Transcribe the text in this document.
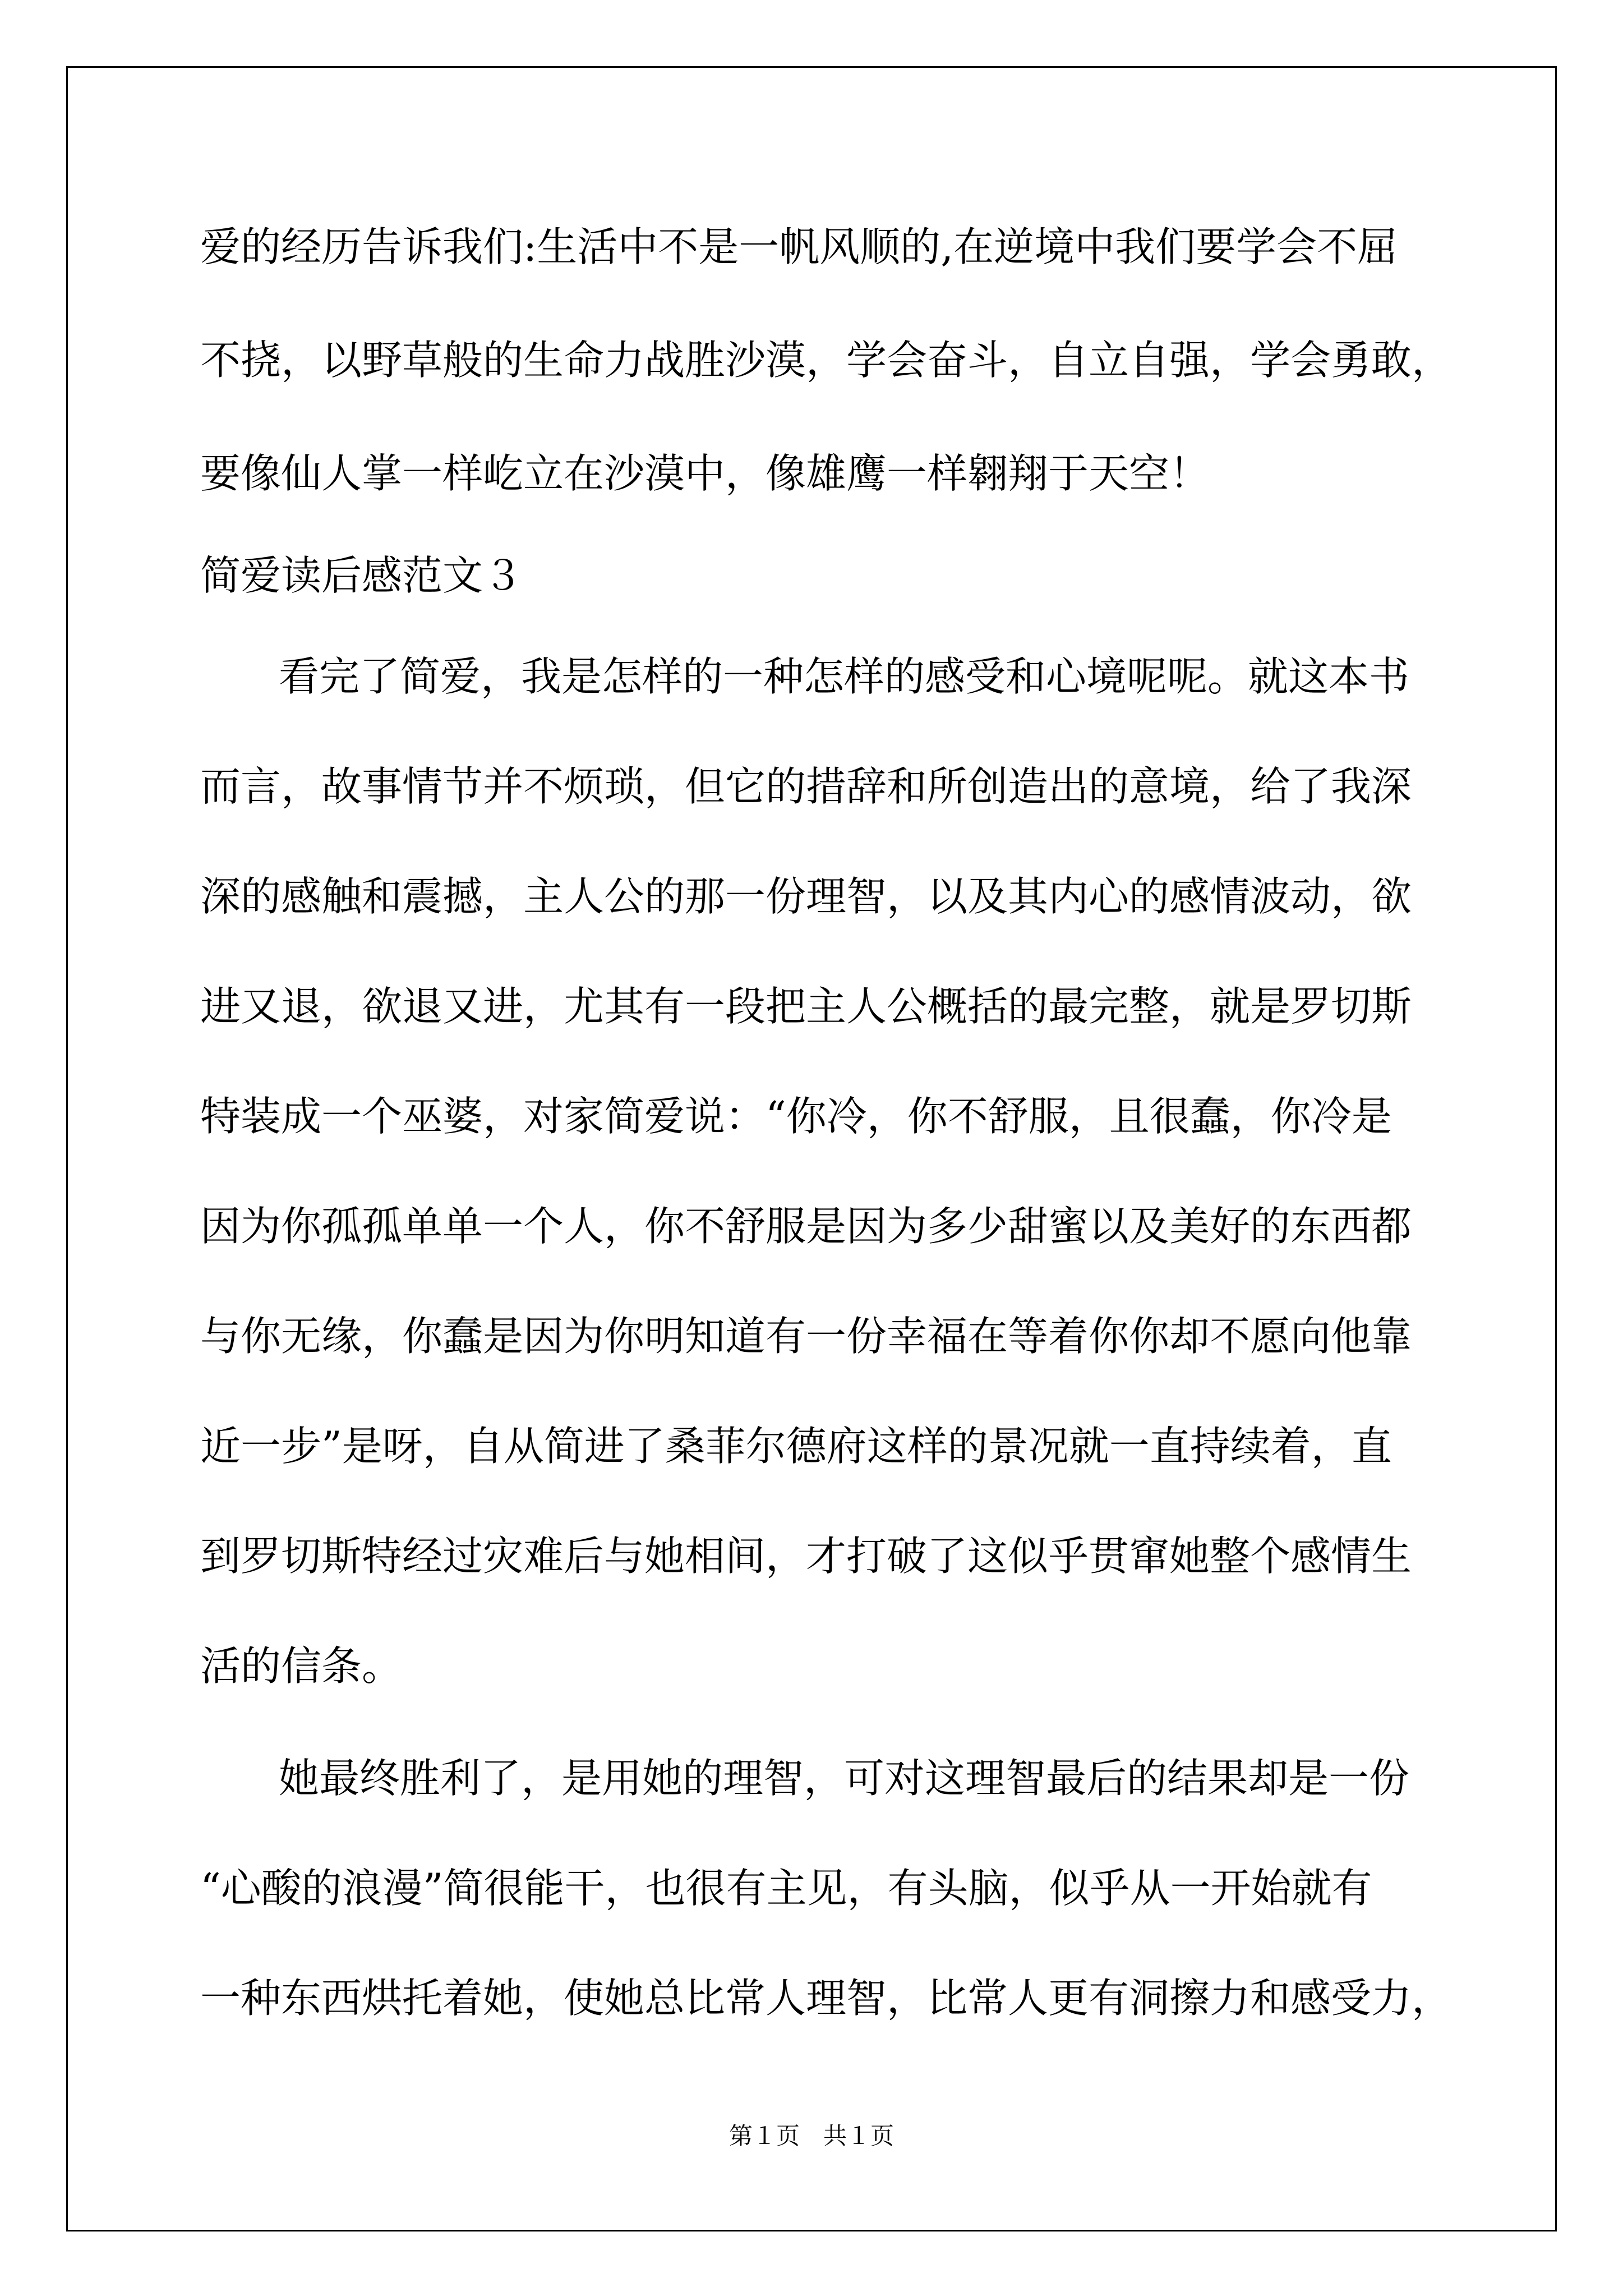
爱的经历告诉我们:生活中不是一帆风顺的,在逆境中我们要学会不屈

不挠，以野草般的生命力战胜沙漠，学会奋斗，自立自强，学会勇敢，

要像仙人掌一样屹立在沙漠中，像雄鹰一样翱翔于天空！

简爱读后感范文３

看完了简爱，我是怎样的一种怎样的感受和心境呢呢。就这本书

而言，故事情节并不烦琐，但它的措辞和所创造出的意境，给了我深

深的感触和震撼，主人公的那一份理智，以及其内心的感情波动，欲

进又退，欲退又进，尤其有一段把主人公概括的最完整，就是罗切斯

特装成一个巫婆，对家简爱说：“你冷，你不舒服，且很蠢，你冷是

因为你孤孤单单一个人，你不舒服是因为多少甜蜜以及美好的东西都

与你无缘，你蠢是因为你明知道有一份幸福在等着你你却不愿向他靠

近一步”是呀，自从简进了桑菲尔德府这样的景况就一直持续着，直

到罗切斯特经过灾难后与她相间，才打破了这似乎贯窜她整个感情生

活的信条。

她最终胜利了，是用她的理智，可对这理智最后的结果却是一份

“心酸的浪漫”简很能干，也很有主见，有头脑，似乎从一开始就有

一种东西烘托着她，使她总比常人理智，比常人更有洞擦力和感受力，

第１页　共１页
